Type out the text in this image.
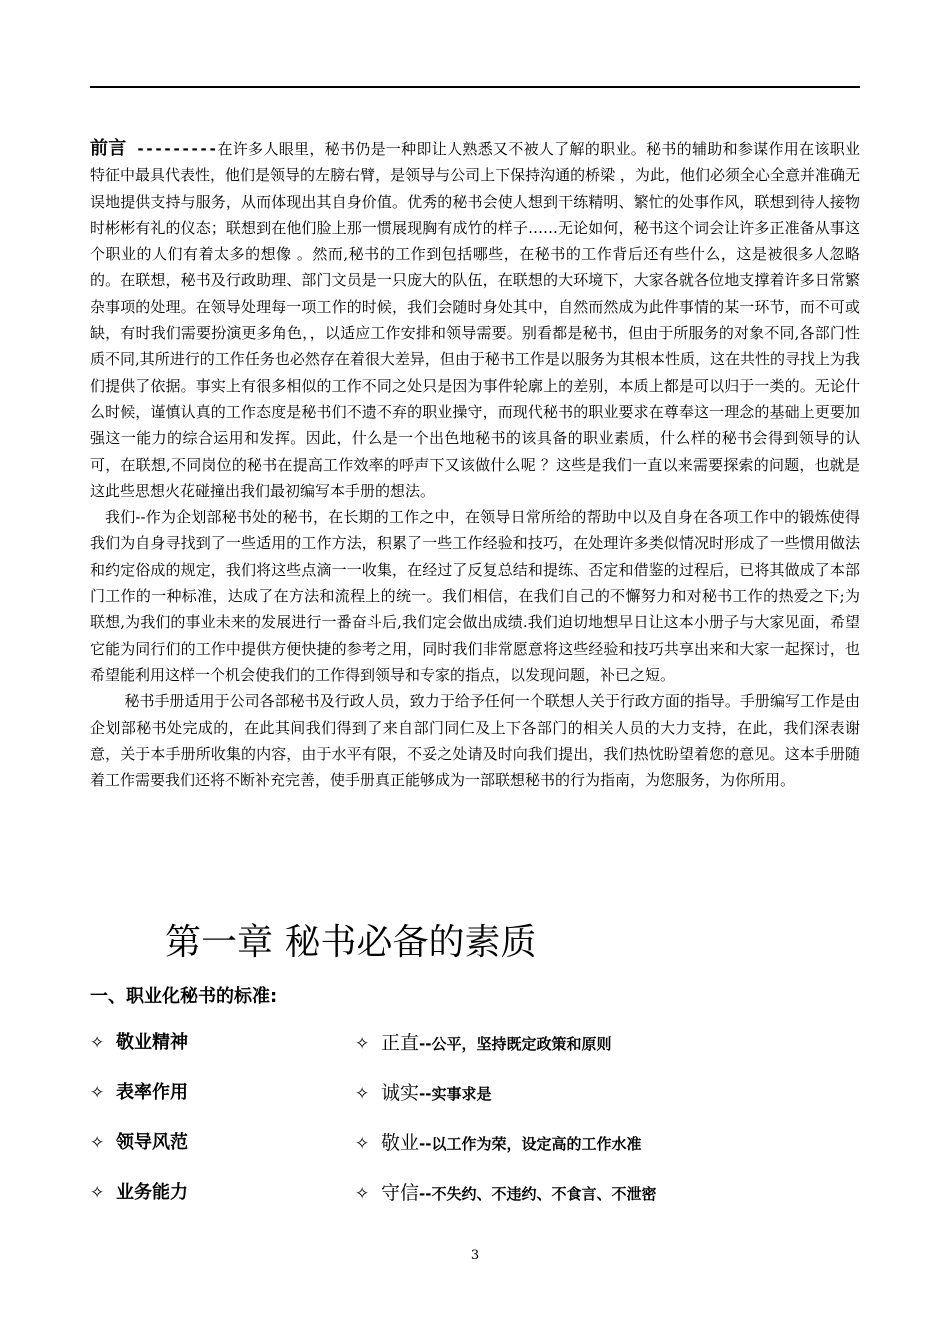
前言 ---------在许多人眼里，秘书仍是一种即让人熟悉又不被人了解的职业。秘书的辅助和参谋作用在该职业特征中最具代表性，他们是领导的左膀右臂，是领导与公司上下保持沟通的桥梁 ，为此，他们必须全心全意并准确无误地提供支持与服务，从而体现出其自身价值。优秀的秘书会使人想到干练精明、繁忙的处事作风，联想到待人接物时彬彬有礼的仪态；联想到在他们脸上那一惯展现胸有成竹的样子……无论如何，秘书这个词会让许多正准备从事这个职业的人们有着太多的想像 。然而,秘书的工作到包括哪些，在秘书的工作背后还有些什么，这是被很多人忽略的。在联想，秘书及行政助理、部门文员是一只庞大的队伍，在联想的大环境下，大家各就各位地支撑着许多日常繁杂事项的处理。在领导处理每一项工作的时候，我们会随时身处其中，自然而然成为此件事情的某一环节，而不可或缺，有时我们需要扮演更多角色，，以适应工作安排和领导需要。别看都是秘书，但由于所服务的对象不同,各部门性质不同,其所进行的工作任务也必然存在着很大差异，但由于秘书工作是以服务为其根本性质，这在共性的寻找上为我们提供了依据。事实上有很多相似的工作不同之处只是因为事件轮廓上的差别，本质上都是可以归于一类的。无论什么时候，谨慎认真的工作态度是秘书们不遗不弃的职业操守，而现代秘书的职业要求在尊奉这一理念的基础上更要加强这一能力的综合运用和发挥。因此，什么是一个出色地秘书的该具备的职业素质，什么样的秘书会得到领导的认可，在联想,不同岗位的秘书在提高工作效率的呼声下又该做什么呢 ？这些是我们一直以来需要探索的问题，也就是这此些思想火花碰撞出我们最初编写本手册的想法。

我们--作为企划部秘书处的秘书，在长期的工作之中，在领导日常所给的帮助中以及自身在各项工作中的锻炼使得我们为自身寻找到了一些适用的工作方法，积累了一些工作经验和技巧，在处理许多类似情况时形成了一些惯用做法和约定俗成的规定，我们将这些点滴一一收集，在经过了反复总结和提练、否定和借鉴的过程后，已将其做成了本部门工作的一种标准，达成了在方法和流程上的统一。我们相信，在我们自己的不懈努力和对秘书工作的热爱之下;为联想,为我们的事业未来的发展进行一番奋斗后,我们定会做出成绩.我们迫切地想早日让这本小册子与大家见面，希望它能为同行们的工作中提供方便快捷的参考之用，同时我们非常愿意将这些经验和技巧共享出来和大家一起探讨，也希望能利用这样一个机会使我们的工作得到领导和专家的指点，以发现问题，补已之短。

秘书手册适用于公司各部秘书及行政人员，致力于给予任何一个联想人关于行政方面的指导。手册编写工作是由企划部秘书处完成的，在此其间我们得到了来自部门同仁及上下各部门的相关人员的大力支持，在此，我们深表谢意，关于本手册所收集的内容，由于水平有限，不妥之处请及时向我们提出，我们热忱盼望着您的意见。这本手册随着工作需要我们还将不断补充完善，使手册真正能够成为一部联想秘书的行为指南，为您服务，为你所用。

第一章 秘书必备的素质
一、职业化秘书的标准:
✧ 敬业精神	✧ 正直--公平，坚持既定政策和原则
✧ 表率作用	✧ 诚实--实事求是
✧ 领导风范	✧ 敬业--以工作为荣，设定高的工作水准
✧ 业务能力	✧ 守信--不失约、不违约、不食言、不泄密
3
